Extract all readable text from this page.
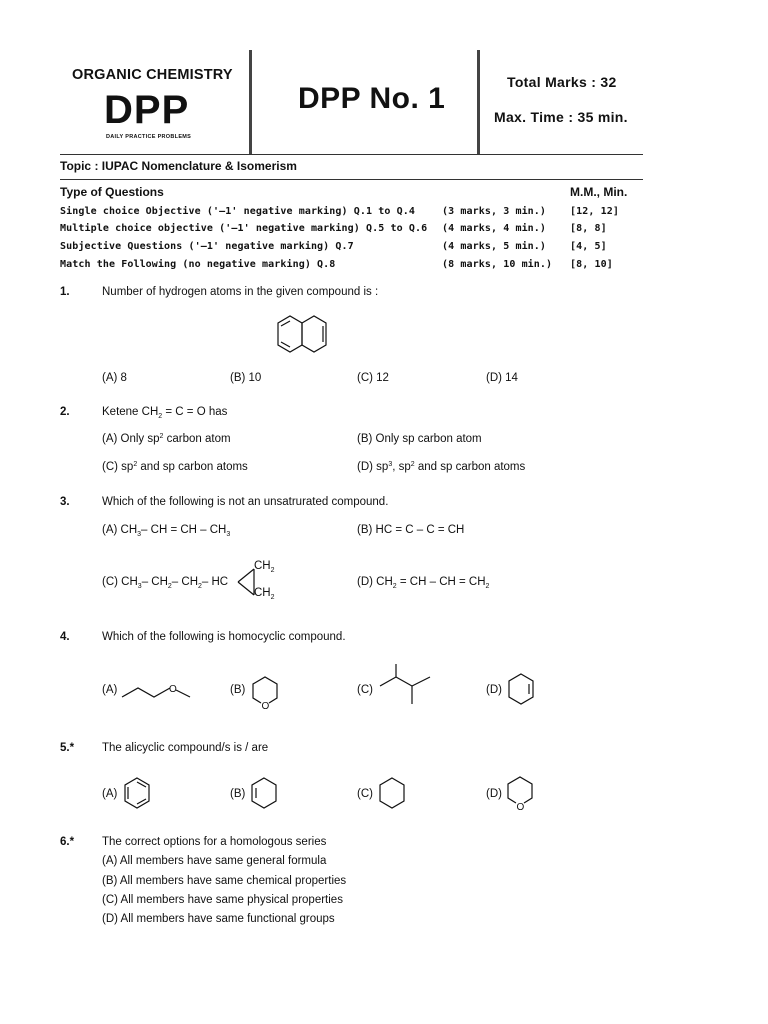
ORGANIC CHEMISTRY
DPP
DAILY PRACTICE PROBLEMS
DPP No. 1	Total Marks : 32
Max. Time : 35 min.
Topic : IUPAC Nomenclature & Isomerism
Type of Questions	M.M., Min.
Single choice Objective ('–1' negative marking) Q.1 to Q.4	(3 marks, 3 min.) [12, 12]
Multiple choice objective ('–1' negative marking) Q.5 to Q.6 (4 marks, 4 min.) [8, 8]
Subjective Questions ('–1' negative marking) Q.7	(4 marks, 5 min.) [4, 5]
Match the Following (no negative marking) Q.8	(8 marks, 10 min.) [8, 10]
1.	Number of hydrogen atoms in the given compound is :
(A) 8	(B) 10	(C) 12	(D) 14
2.	Ketene $CH_2 = C = O$ has
(A) Only $sp^2$ carbon atom	(B) Only sp carbon atom
(C) $sp^2$ and sp carbon atoms	(D) $sp^3$, $sp^2$ and sp carbon atoms
3.	Which of the following is not an unsatrurated compound.
(A) $CH_3-$ CH = CH – $CH_3$	(B) HC = C – C = CH
(C) $CH_3-$ $CH_2-$ $CH_2-$ HC
$CH_2$
$CH_2$
(D) $CH_2$ = CH – CH = $CH_2$
4.	Which of the following is homocyclic compound.
(A)	O	(B)
O
(C)	(D)
5.* The alicyclic compound/s is / are
(A)	(B)	(C)	(D)
O
6.* The correct options for a homologous series
(A) All members have same general formula
(B) All members have same chemical properties
(C) All members have same physical properties
(D) All members have same functional groups
